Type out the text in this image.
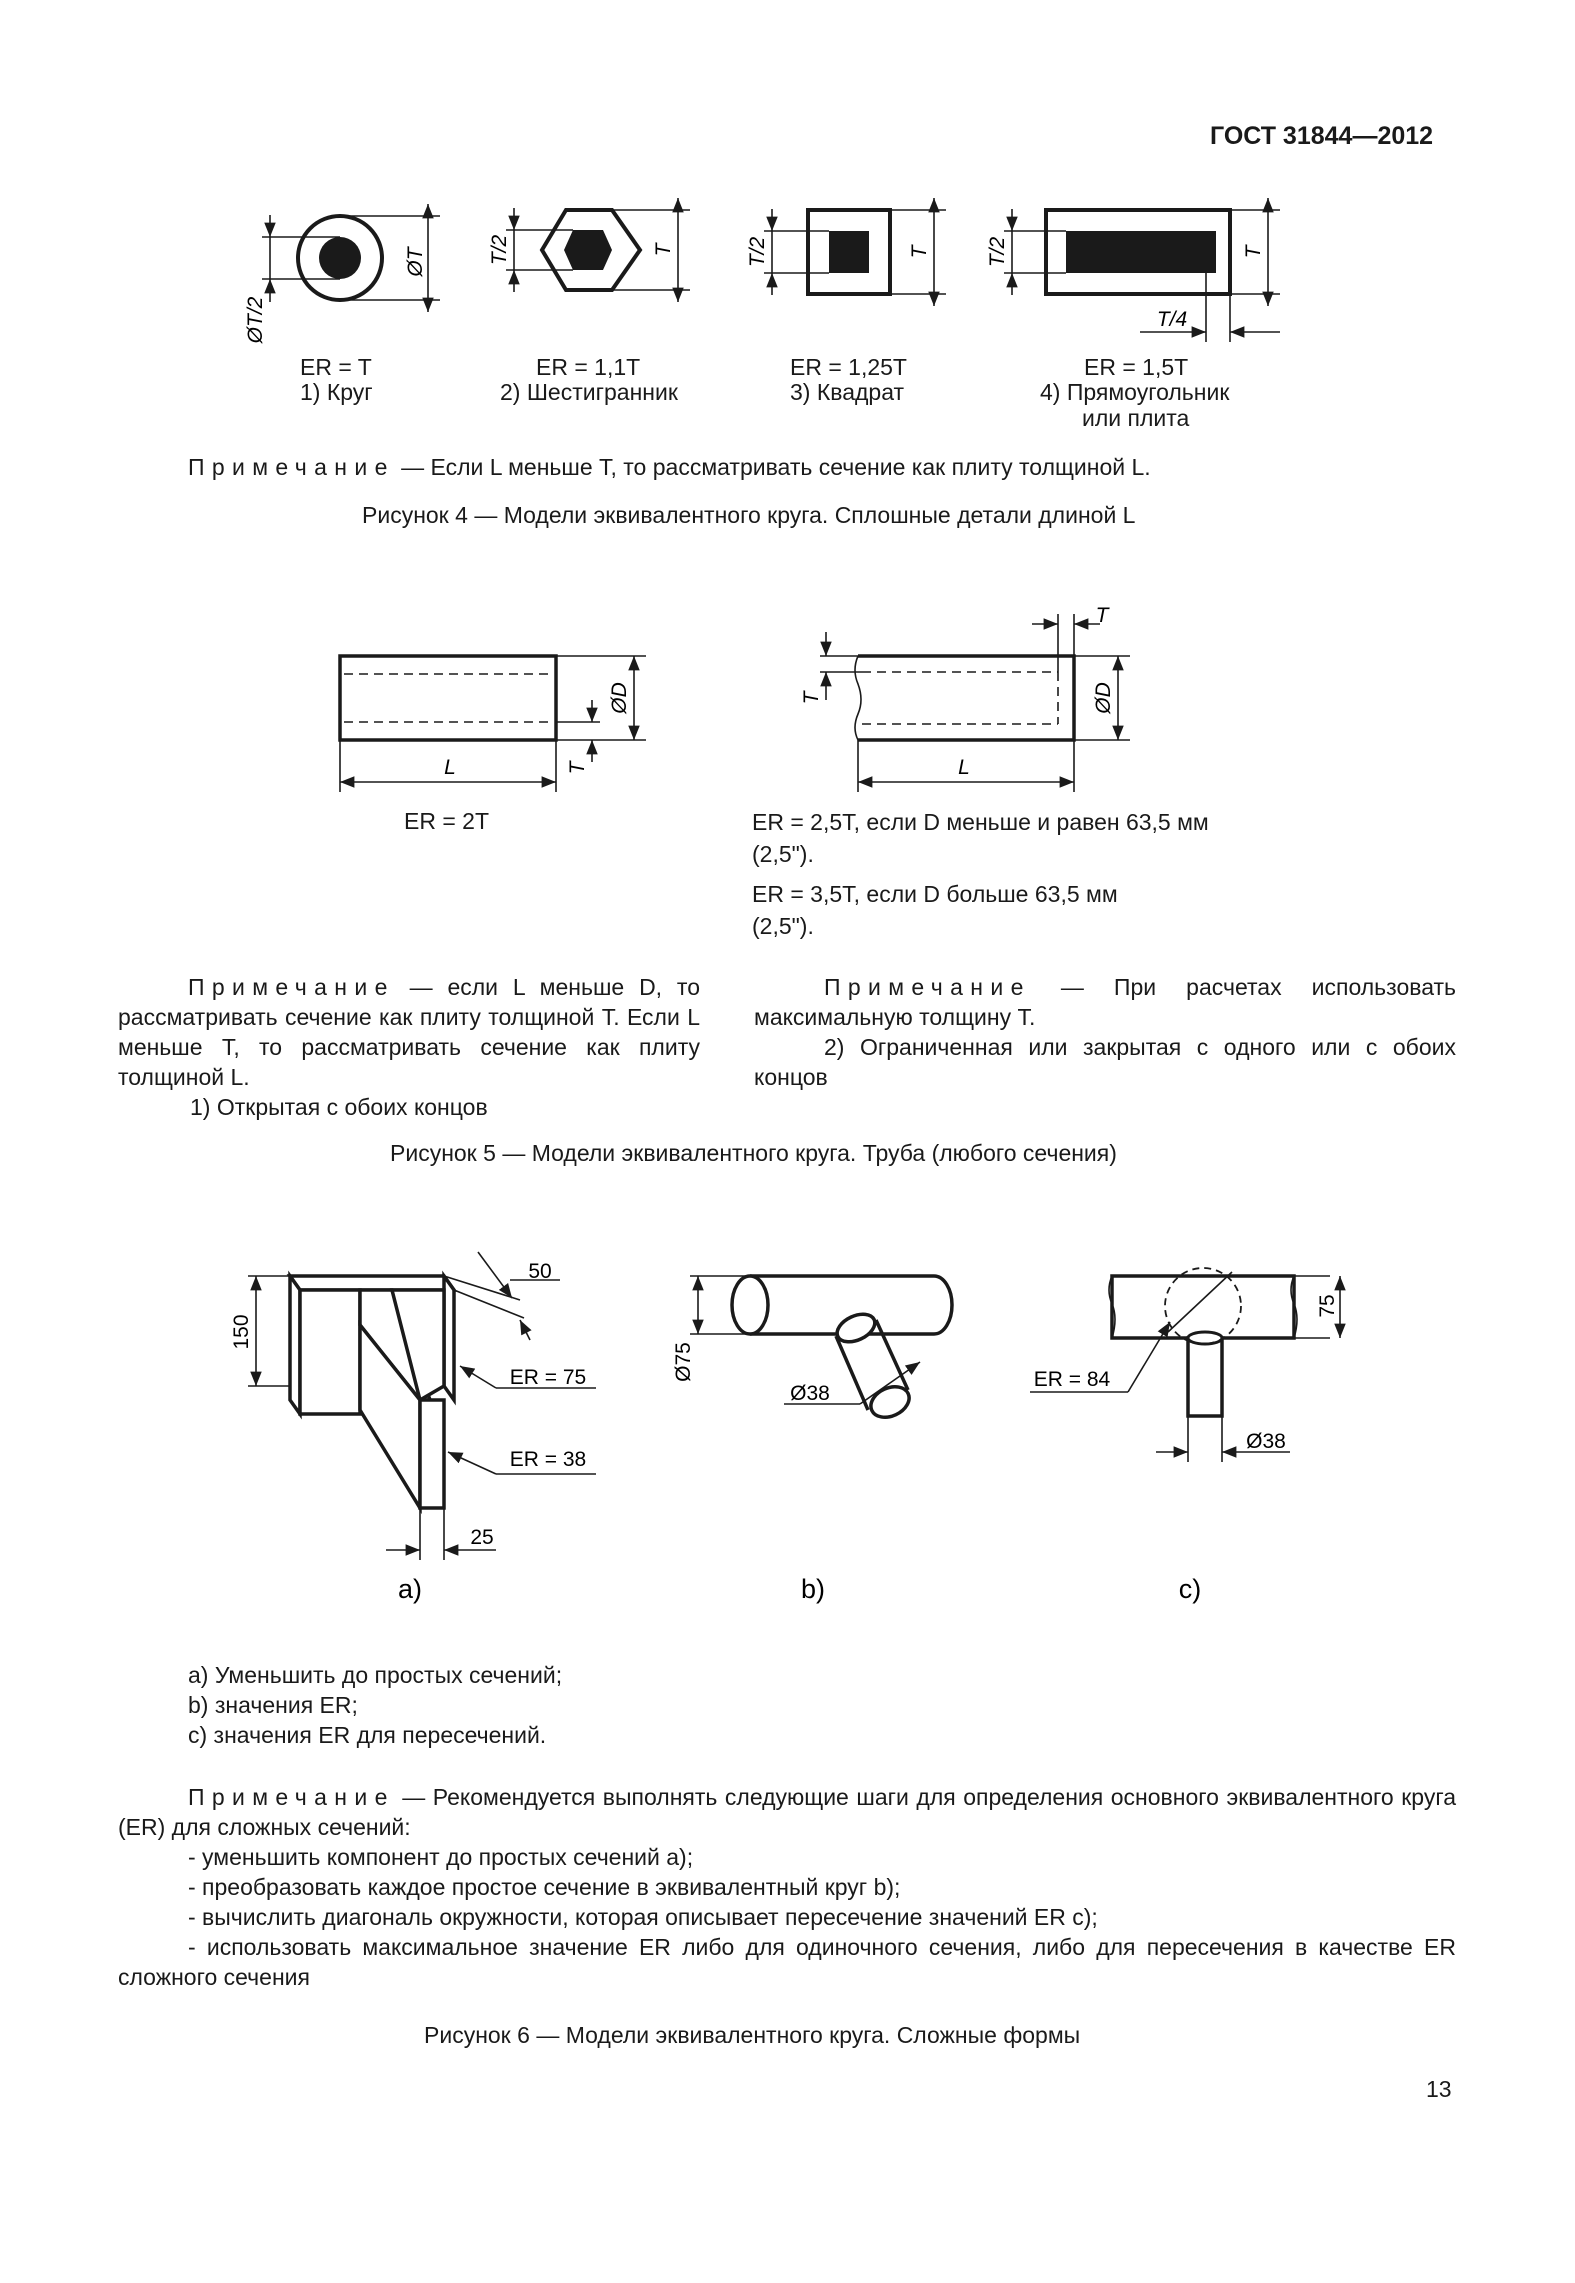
ГОСТ 31844—2012
ØT
ØT/2
T
T/2	T
T/2	T
T/2
T/4
ER = T
1) Круг
ER = 1,1T
2) Шестигранник
ER = 1,25T
3) Квадрат
ER = 1,5T
4) Прямоугольник
или плита
Примечание — Если L меньше T, то рассматривать сечение как плиту толщиной L.
Рисунок 4 — Модели эквивалентного круга. Сплошные детали длиной L
L
ØD
T	L
T
ØD
T
ER = 2T	ER = 2,5T, если D меньше и равен 63,5 мм
(2,5").
ER = 3,5T, если D больше 63,5 мм
(2,5").
Примечание — если L меньше D, то рассматривать сечение как плиту толщиной T. Если L меньше T, то рассматривать сечение как плиту толщиной L.
1) Открытая с обоих концов
Примечание — При расчетах использовать максимальную толщину T.
2) Ограниченная или закрытая с одного или с обоих концов
Рисунок 5 — Модели эквивалентного круга. Труба (любого сечения)
150
50
ER = 75
ER = 38
25
Ø75
Ø38
75
ER = 84
Ø38
a)	b)	c)
а) Уменьшить до простых сечений;
b) значения ER;
c) значения ER для пересечений.
Примечание — Рекомендуется выполнять следующие шаги для определения основного эквивалентного круга (ER) для сложных сечений:
- уменьшить компонент до простых сечений а);
- преобразовать каждое простое сечение в эквивалентный круг b);
- вычислить диагональ окружности, которая описывает пересечение значений ER с);
- использовать максимальное значение ER либо для одиночного сечения, либо для пересечения в качестве ER сложного сечения
Рисунок 6 — Модели эквивалентного круга. Сложные формы
13
